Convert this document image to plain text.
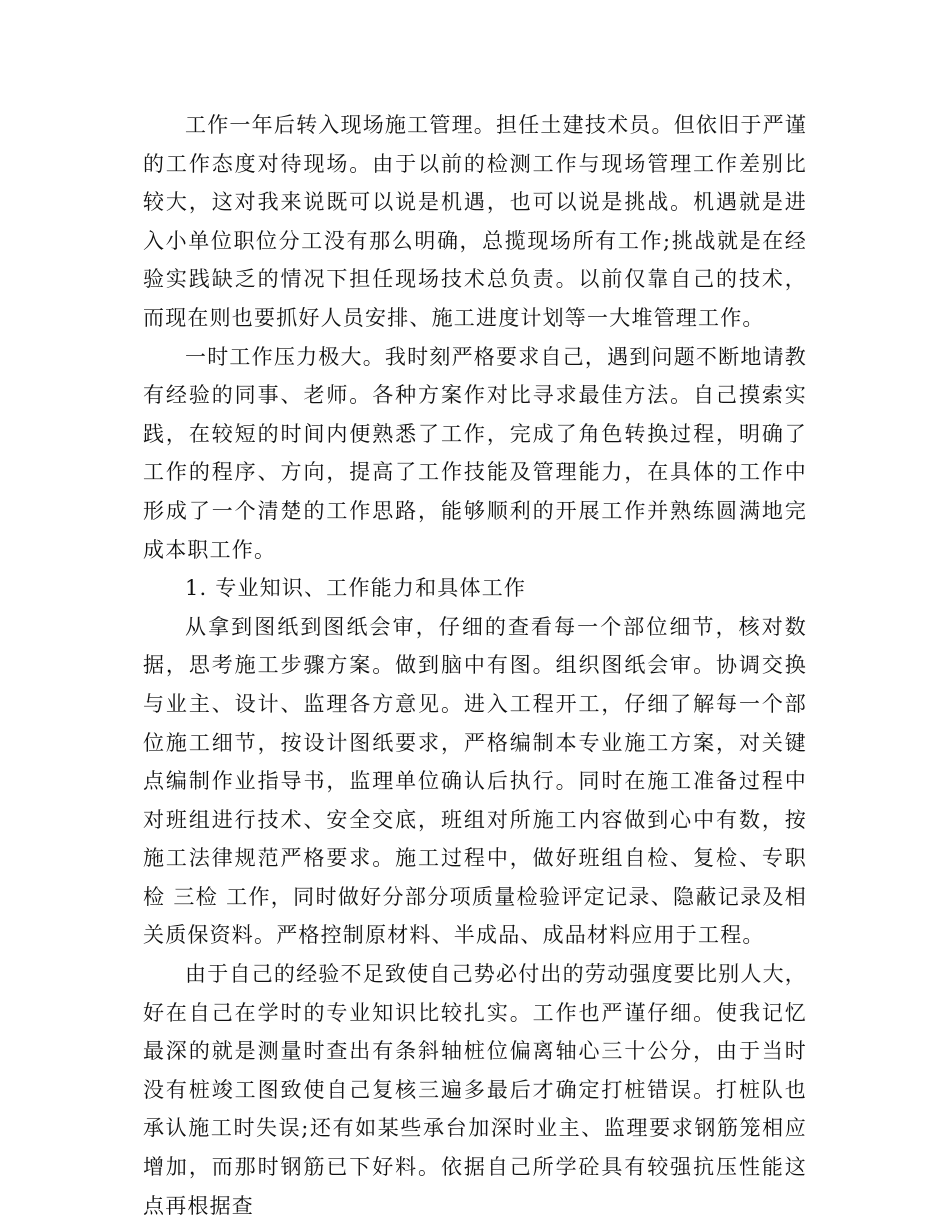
工作一年后转入现场施工管理。担任土建技术员。但依旧于严谨的工作态度对待现场。由于以前的检测工作与现场管理工作差别比较大，这对我来说既可以说是机遇，也可以说是挑战。机遇就是进入小单位职位分工没有那么明确，总揽现场所有工作;挑战就是在经验实践缺乏的情况下担任现场技术总负责。以前仅靠自己的技术，而现在则也要抓好人员安排、施工进度计划等一大堆管理工作。

一时工作压力极大。我时刻严格要求自己，遇到问题不断地请教有经验的同事、老师。各种方案作对比寻求最佳方法。自己摸索实践，在较短的时间内便熟悉了工作，完成了角色转换过程，明确了工作的程序、方向，提高了工作技能及管理能力，在具体的工作中形成了一个清楚的工作思路，能够顺利的开展工作并熟练圆满地完成本职工作。

1. 专业知识、工作能力和具体工作

从拿到图纸到图纸会审，仔细的查看每一个部位细节，核对数据，思考施工步骤方案。做到脑中有图。组织图纸会审。协调交换与业主、设计、监理各方意见。进入工程开工，仔细了解每一个部位施工细节，按设计图纸要求，严格编制本专业施工方案，对关键点编制作业指导书，监理单位确认后执行。同时在施工准备过程中对班组进行技术、安全交底，班组对所施工内容做到心中有数，按施工法律规范严格要求。施工过程中，做好班组自检、复检、专职检 三检 工作，同时做好分部分项质量检验评定记录、隐蔽记录及相关质保资料。严格控制原材料、半成品、成品材料应用于工程。

由于自己的经验不足致使自己势必付出的劳动强度要比别人大，好在自己在学时的专业知识比较扎实。工作也严谨仔细。使我记忆最深的就是测量时查出有条斜轴桩位偏离轴心三十公分，由于当时没有桩竣工图致使自己复核三遍多最后才确定打桩错误。打桩队也承认施工时失误;还有如某些承台加深时业主、监理要求钢筋笼相应增加，而那时钢筋已下好料。依据自己所学砼具有较强抗压性能这点再根据查
